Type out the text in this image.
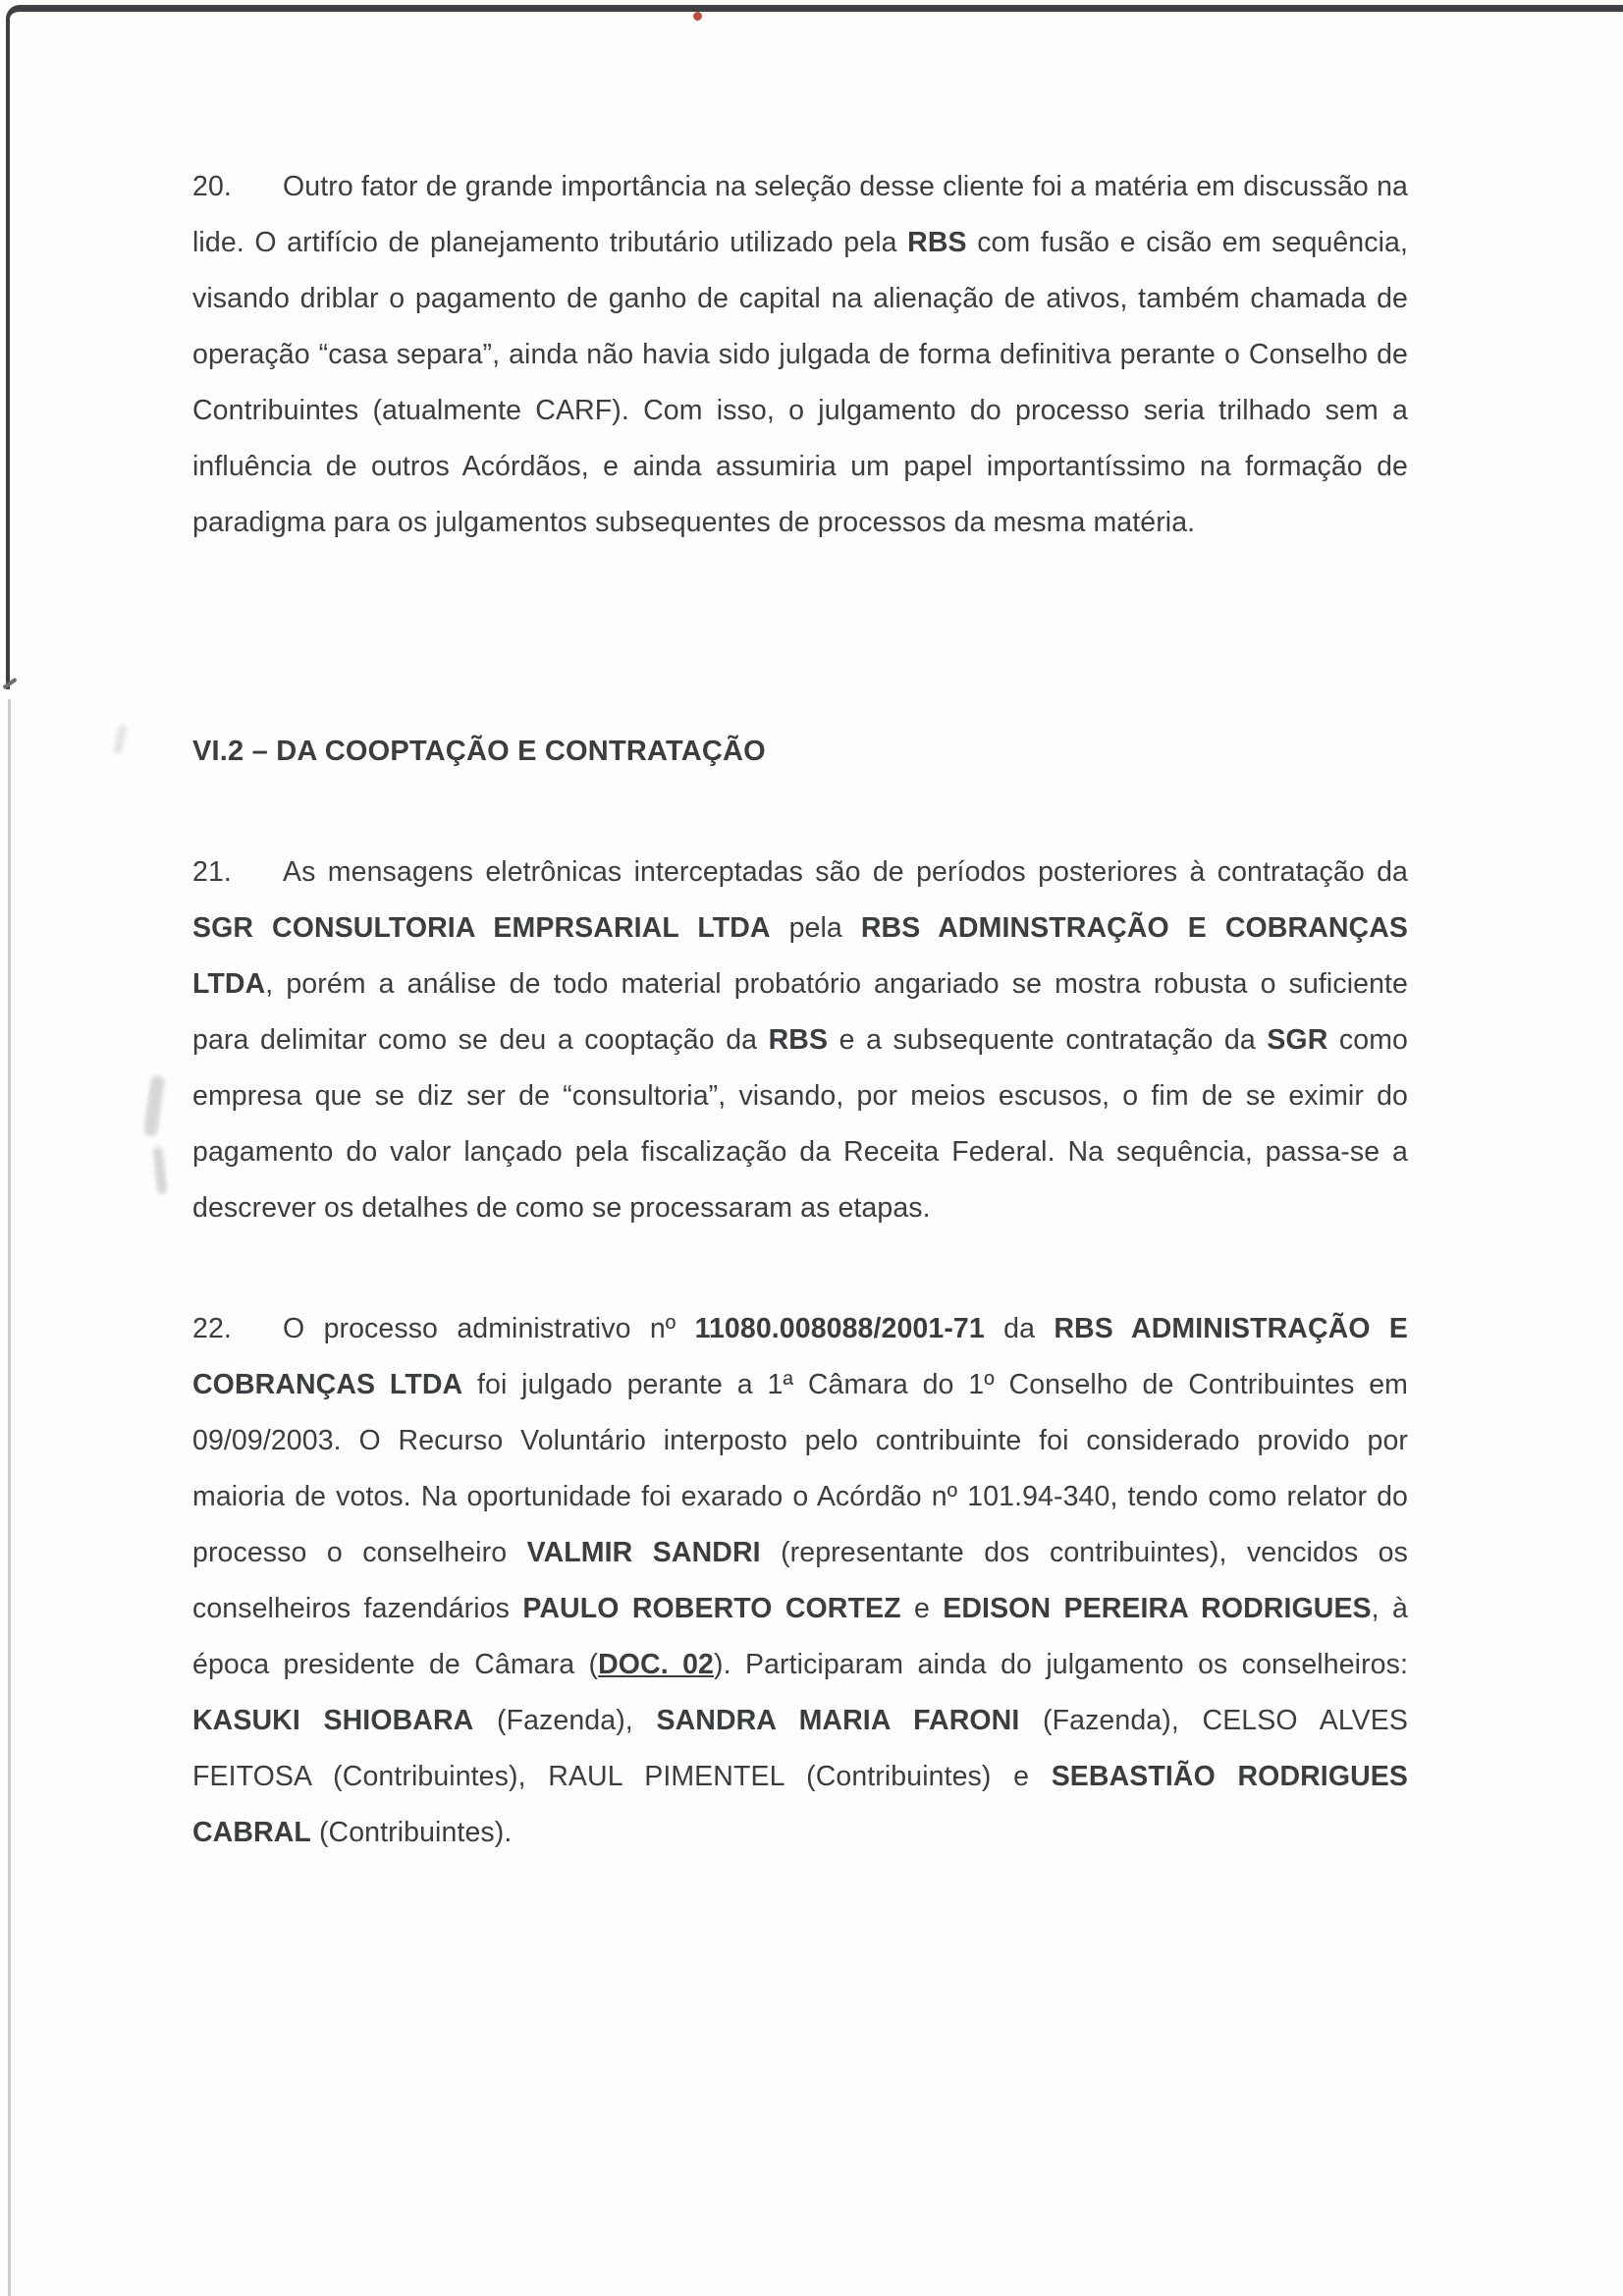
20. Outro fator de grande importância na seleção desse cliente foi a matéria em discussão na lide. O artifício de planejamento tributário utilizado pela RBS com fusão e cisão em sequência, visando driblar o pagamento de ganho de capital na alienação de ativos, também chamada de operação “casa separa”, ainda não havia sido julgada de forma definitiva perante o Conselho de Contribuintes (atualmente CARF). Com isso, o julgamento do processo seria trilhado sem a influência de outros Acórdãos, e ainda assumiria um papel importantíssimo na formação de paradigma para os julgamentos subsequentes de processos da mesma matéria.

VI.2 – DA COOPTAÇÃO E CONTRATAÇÃO

21. As mensagens eletrônicas interceptadas são de períodos posteriores à contratação da SGR CONSULTORIA EMPRSARIAL LTDA pela RBS ADMINSTRAÇÃO E COBRANÇAS LTDA, porém a análise de todo material probatório angariado se mostra robusta o suficiente para delimitar como se deu a cooptação da RBS e a subsequente contratação da SGR como empresa que se diz ser de “consultoria”, visando, por meios escusos, o fim de se eximir do pagamento do valor lançado pela fiscalização da Receita Federal. Na sequência, passa-se a descrever os detalhes de como se processaram as etapas.

22. O processo administrativo nº 11080.008088/2001-71 da RBS ADMINISTRAÇÃO E COBRANÇAS LTDA foi julgado perante a 1ª Câmara do 1º Conselho de Contribuintes em 09/09/2003. O Recurso Voluntário interposto pelo contribuinte foi considerado provido por maioria de votos. Na oportunidade foi exarado o Acórdão nº 101.94-340, tendo como relator do processo o conselheiro VALMIR SANDRI (representante dos contribuintes), vencidos os conselheiros fazendários PAULO ROBERTO CORTEZ e EDISON PEREIRA RODRIGUES, à época presidente de Câmara (DOC. 02). Participaram ainda do julgamento os conselheiros: KASUKI SHIOBARA (Fazenda), SANDRA MARIA FARONI (Fazenda), CELSO ALVES FEITOSA (Contribuintes), RAUL PIMENTEL (Contribuintes) e SEBASTIÃO RODRIGUES CABRAL (Contribuintes).
